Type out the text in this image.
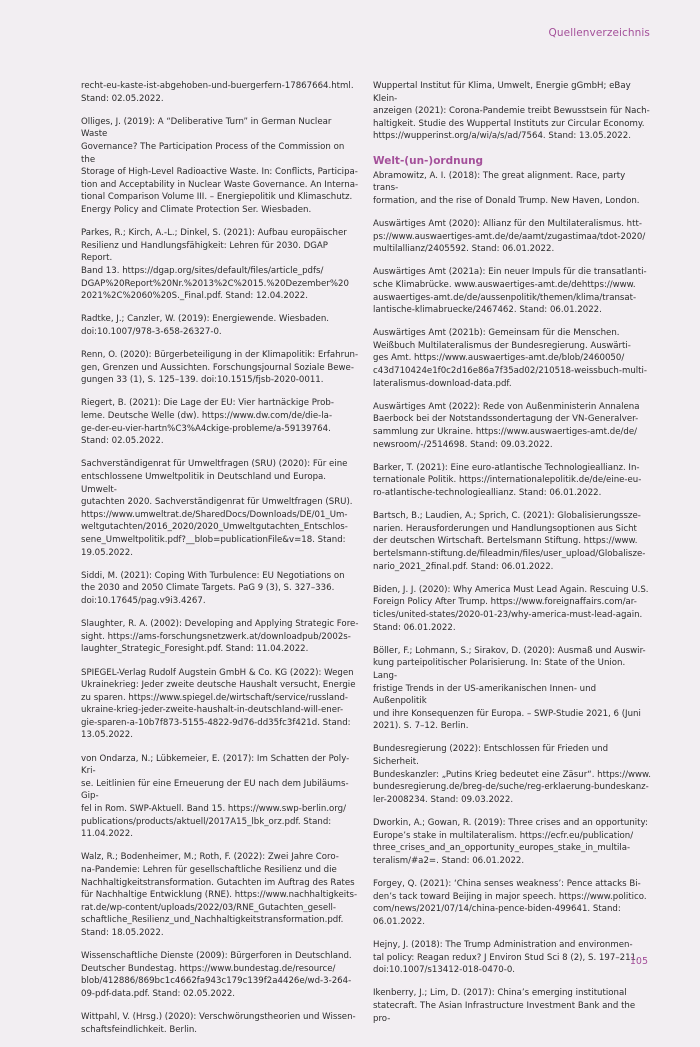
Quellenverzeichnis

recht-eu-kaste-ist-abgehoben-und-buergerfern-17867664.html.
Stand: 02.05.2022.

Olliges, J. (2019): A “Deliberative Turn” in German Nuclear Waste
Governance? The Participation Process of the Commission on the
Storage of High-Level Radioactive Waste. In: Conflicts, Participa-
tion and Acceptability in Nuclear Waste Governance. An Interna-
tional Comparison Volume III. – Energiepolitik und Klimaschutz.
Energy Policy and Climate Protection Ser. Wiesbaden.

Parkes, R.; Kirch, A.-L.; Dinkel, S. (2021): Aufbau europäischer
Resilienz und Handlungsfähigkeit: Lehren für 2030. DGAP Report.
Band 13. https://dgap.org/sites/default/files/article_pdfs/
DGAP%20Report%20Nr.%2013%2C%2015.%20Dezember%20
2021%2C%2060%20S._Final.pdf. Stand: 12.04.2022.

Radtke, J.; Canzler, W. (2019): Energiewende. Wiesbaden.
doi:10.1007/978-3-658-26327-0.

Renn, O. (2020): Bürgerbeteiligung in der Klimapolitik: Erfahrun-
gen, Grenzen und Aussichten. Forschungsjournal Soziale Bewe-
gungen 33 (1), S. 125–139. doi:10.1515/fjsb-2020-0011.

Riegert, B. (2021): Die Lage der EU: Vier hartnäckige Prob-
leme. Deutsche Welle (dw). https://www.dw.com/de/die-la-
ge-der-eu-vier-hartn%C3%A4ckige-probleme/a-59139764.
Stand: 02.05.2022.

Sachverständigenrat für Umweltfragen (SRU) (2020): Für eine
entschlossene Umweltpolitik in Deutschland und Europa. Umwelt-
gutachten 2020. Sachverständigenrat für Umweltfragen (SRU).
https://www.umweltrat.de/SharedDocs/Downloads/DE/01_Um-
weltgutachten/2016_2020/2020_Umweltgutachten_Entschlos-
sene_Umweltpolitik.pdf?__blob=publicationFile&v=18. Stand:
19.05.2022.

Siddi, M. (2021): Coping With Turbulence: EU Negotiations on
the 2030 and 2050 Climate Targets. PaG 9 (3), S. 327–336.
doi:10.17645/pag.v9i3.4267.

Slaughter, R. A. (2002): Developing and Applying Strategic Fore-
sight. https://ams-forschungsnetzwerk.at/downloadpub/2002s-
laughter_Strategic_Foresight.pdf. Stand: 11.04.2022.

SPIEGEL-Verlag Rudolf Augstein GmbH & Co. KG (2022): Wegen
Ukrainekrieg: Jeder zweite deutsche Haushalt versucht, Energie
zu sparen. https://www.spiegel.de/wirtschaft/service/russland-
ukraine-krieg-jeder-zweite-haushalt-in-deutschland-will-ener-
gie-sparen-a-10b7f873-5155-4822-9d76-dd35fc3f421d. Stand:
13.05.2022.

von Ondarza, N.; Lübkemeier, E. (2017): Im Schatten der Poly-Kri-
se. Leitlinien für eine Erneuerung der EU nach dem Jubiläums-Gip-
fel in Rom. SWP-Aktuell. Band 15. https://www.swp-berlin.org/
publications/products/aktuell/2017A15_lbk_orz.pdf. Stand:
11.04.2022.

Walz, R.; Bodenheimer, M.; Roth, F. (2022): Zwei Jahre Coro-
na-Pandemie: Lehren für gesellschaftliche Resilienz und die
Nachhaltigkeitstransformation. Gutachten im Auftrag des Rates
für Nachhaltige Entwicklung (RNE). https://www.nachhaltigkeits-
rat.de/wp-content/uploads/2022/03/RNE_Gutachten_gesell-
schaftliche_Resilienz_und_Nachhaltigkeitstransformation.pdf.
Stand: 18.05.2022.

Wissenschaftliche Dienste (2009): Bürgerforen in Deutschland.
Deutscher Bundestag. https://www.bundestag.de/resource/
blob/412886/869bc1c4662fa943c179c139f2a4426e/wd-3-264-
09-pdf-data.pdf. Stand: 02.05.2022.

Wittpahl, V. (Hrsg.) (2020): Verschwörungstheorien und Wissen-
schaftsfeindlichkeit. Berlin.

Wuppertal Institut für Klima, Umwelt, Energie gGmbH; eBay Klein-
anzeigen (2021): Corona-Pandemie treibt Bewusstsein für Nach-
haltigkeit. Studie des Wuppertal Instituts zur Circular Economy.
https://wupperinst.org/a/wi/a/s/ad/7564. Stand: 13.05.2022.

Welt-(un-)ordnung

Abramowitz, A. I. (2018): The great alignment. Race, party trans-
formation, and the rise of Donald Trump. New Haven, London.

Auswärtiges Amt (2020): Allianz für den Multilateralismus. htt-
ps://www.auswaertiges-amt.de/de/aamt/zugastimaa/tdot-2020/
multilallianz/2405592. Stand: 06.01.2022.

Auswärtiges Amt (2021a): Ein neuer Impuls für die transatlanti-
sche Klimabrücke. www.auswaertiges-amt.de/dehttps://www.
auswaertiges-amt.de/de/aussenpolitik/themen/klima/transat-
lantische-klimabruecke/2467462. Stand: 06.01.2022.

Auswärtiges Amt (2021b): Gemeinsam für die Menschen.
Weißbuch Multilateralismus der Bundesregierung. Auswärti-
ges Amt. https://www.auswaertiges-amt.de/blob/2460050/
c43d710424e1f0c2d16e86a7f35ad02/210518-weissbuch-multi-
lateralismus-download-data.pdf.

Auswärtiges Amt (2022): Rede von Außenministerin Annalena
Baerbock bei der Notstandssondertagung der VN-Generalver-
sammlung zur Ukraine. https://www.auswaertiges-amt.de/de/
newsroom/-/2514698. Stand: 09.03.2022.

Barker, T. (2021): Eine euro-atlantische Technologieallianz. In-
ternationale Politik. https://internationalepolitik.de/de/eine-eu-
ro-atlantische-technologieallianz. Stand: 06.01.2022.

Bartsch, B.; Laudien, A.; Sprich, C. (2021): Globalisierungssze-
narien. Herausforderungen und Handlungsoptionen aus Sicht
der deutschen Wirtschaft. Bertelsmann Stiftung. https://www.
bertelsmann-stiftung.de/fileadmin/files/user_upload/Globalisze-
nario_2021_2final.pdf. Stand: 06.01.2022.

Biden, J. J. (2020): Why America Must Lead Again. Rescuing U.S.
Foreign Policy After Trump. https://www.foreignaffairs.com/ar-
ticles/united-states/2020-01-23/why-america-must-lead-again.
Stand: 06.01.2022.

Böller, F.; Lohmann, S.; Sirakov, D. (2020): Ausmaß und Auswir-
kung parteipolitischer Polarisierung. In: State of the Union. Lang-
fristige Trends in der US-amerikanischen Innen- und Außenpolitik
und ihre Konsequenzen für Europa. – SWP-Studie 2021, 6 (Juni
2021). S. 7–12. Berlin.

Bundesregierung (2022): Entschlossen für Frieden und Sicherheit.
Bundeskanzler: „Putins Krieg bedeutet eine Zäsur“. https://www.
bundesregierung.de/breg-de/suche/reg-erklaerung-bundeskanz-
ler-2008234. Stand: 09.03.2022.

Dworkin, A.; Gowan, R. (2019): Three crises and an opportunity:
Europe’s stake in multilateralism. https://ecfr.eu/publication/
three_crises_and_an_opportunity_europes_stake_in_multila-
teralism/#a2=. Stand: 06.01.2022.

Forgey, Q. (2021): ‘China senses weakness’: Pence attacks Bi-
den’s tack toward Beijing in major speech. https://www.politico.
com/news/2021/07/14/china-pence-biden-499641. Stand:
06.01.2022.

Hejny, J. (2018): The Trump Administration and environmen-
tal policy: Reagan redux? J Environ Stud Sci 8 (2), S. 197–211.
doi:10.1007/s13412-018-0470-0.

Ikenberry, J.; Lim, D. (2017): China’s emerging institutional
statecraft. The Asian Infrastructure Investment Bank and the pro-

105
